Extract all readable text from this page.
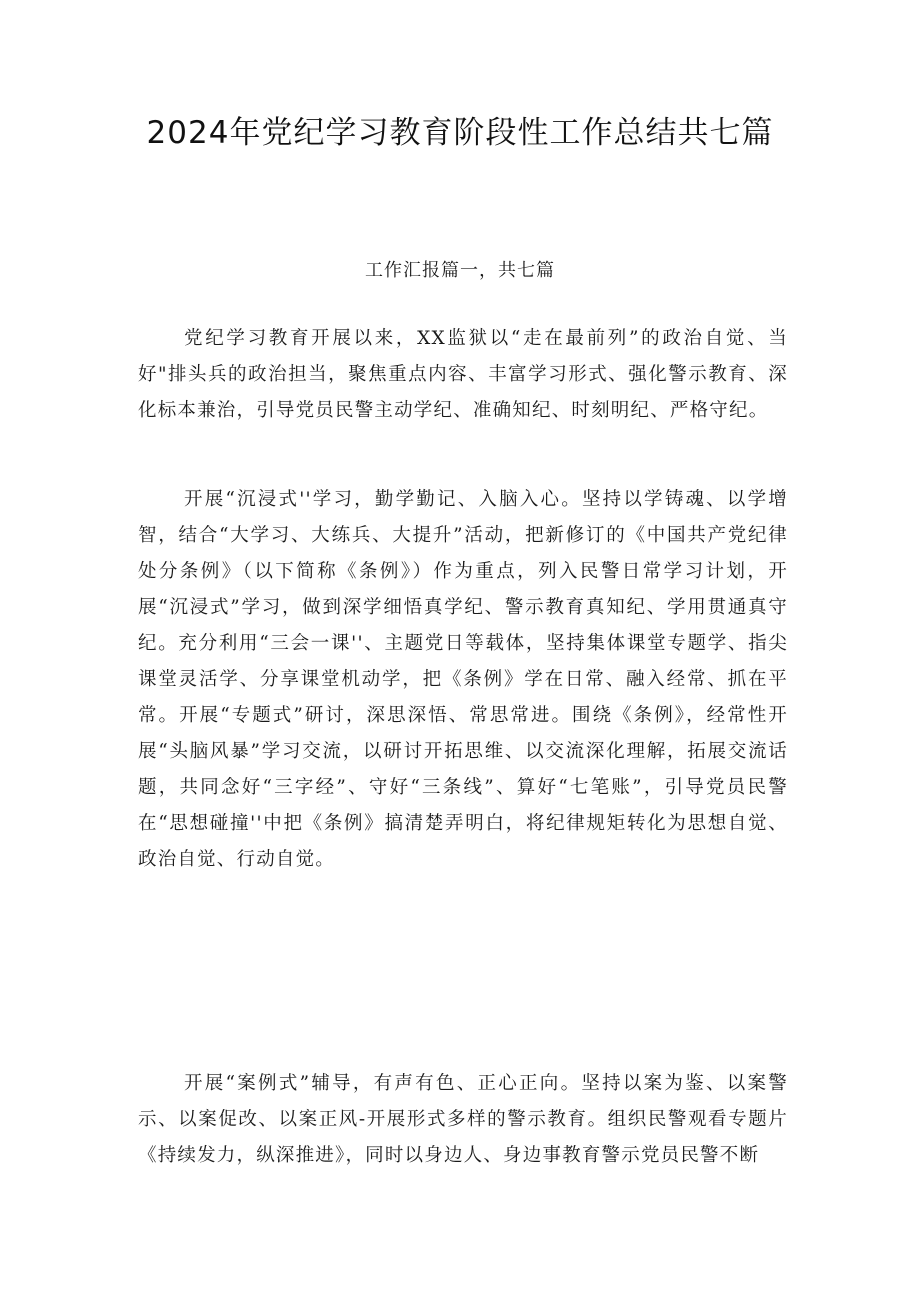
2024年党纪学习教育阶段性工作总结共七篇
工作汇报篇一，共七篇

党纪学习教育开展以来，XX监狱以“走在最前列”的政治自觉、当好"排头兵的政治担当，聚焦重点内容、丰富学习形式、强化警示教育、深化标本兼治，引导党员民警主动学纪、准确知纪、时刻明纪、严格守纪。

开展“沉浸式''学习，勤学勤记、入脑入心。坚持以学铸魂、以学增智，结合“大学习、大练兵、大提升”活动，把新修订的《中国共产党纪律处分条例》（以下简称《条例》）作为重点，列入民警日常学习计划，开展“沉浸式”学习，做到深学细悟真学纪、警示教育真知纪、学用贯通真守纪。充分利用“三会一课''、主题党日等载体，坚持集体课堂专题学、指尖课堂灵活学、分享课堂机动学，把《条例》学在日常、融入经常、抓在平常。开展“专题式”研讨，深思深悟、常思常进。围绕《条例》，经常性开展“头脑风暴”学习交流，以研讨开拓思维、以交流深化理解，拓展交流话题，共同念好“三字经”、守好“三条线”、算好“七笔账”，引导党员民警在“思想碰撞''中把《条例》搞清楚弄明白，将纪律规矩转化为思想自觉、政治自觉、行动自觉。

开展“案例式”辅导，有声有色、正心正向。坚持以案为鉴、以案警示、以案促改、以案正风-开展形式多样的警示教育。组织民警观看专题片《持续发力，纵深推进》，同时以身边人、身边事教育警示党员民警不断
